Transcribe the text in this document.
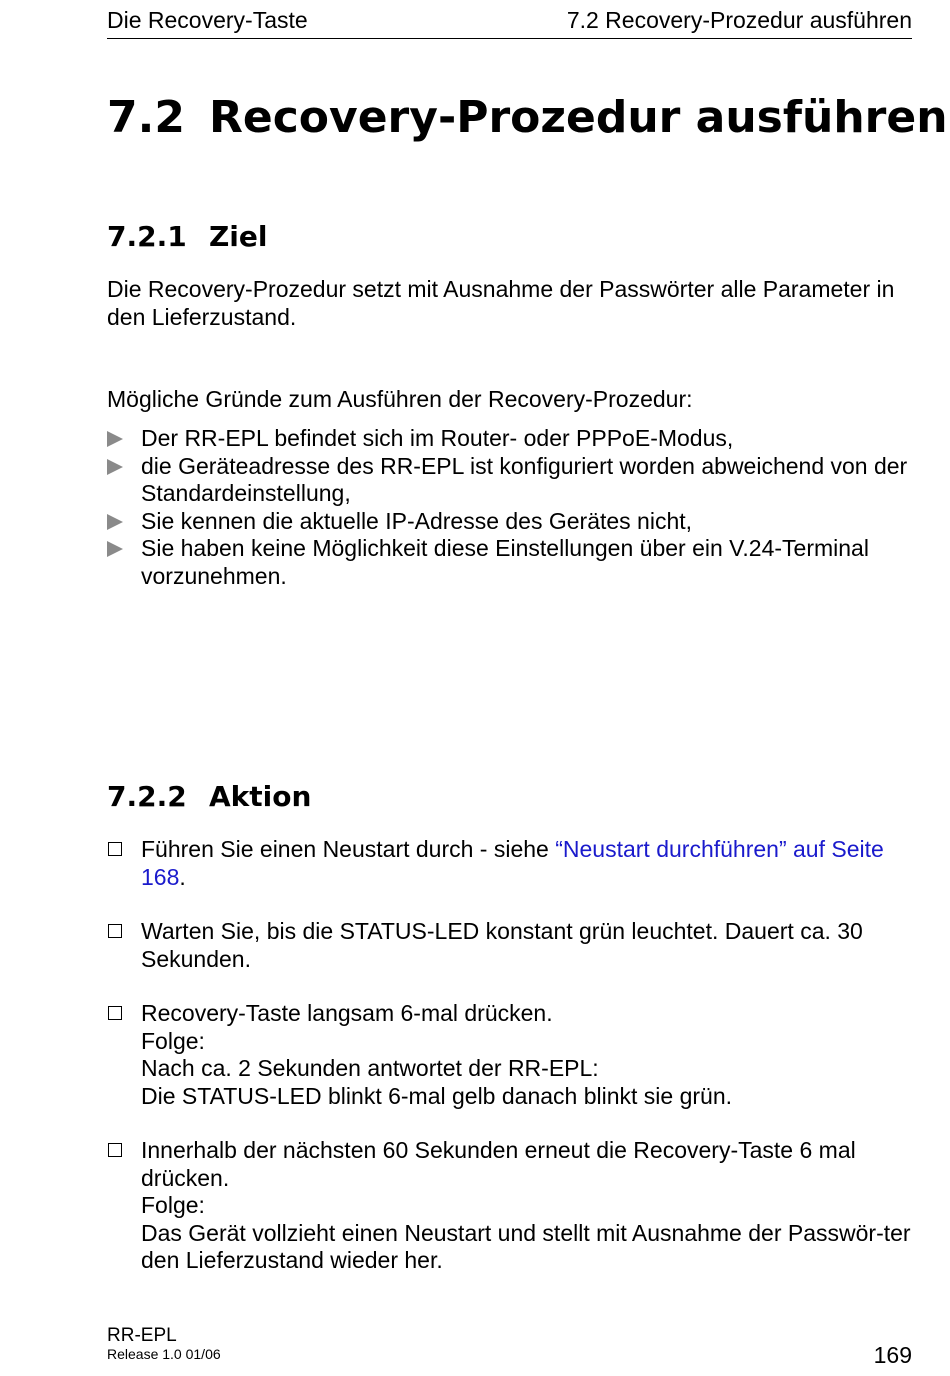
Die Recovery-Taste	7.2 Recovery-Prozedur ausführen
7.2 Recovery-Prozedur ausführen
7.2.1 Ziel
Die Recovery-Prozedur setzt mit Ausnahme der Passwörter alle Parameter in den Lieferzustand.
Mögliche Gründe zum Ausführen der Recovery-Prozedur:
Der RR-EPL befindet sich im Router- oder PPPoE-Modus,
die Geräteadresse des RR-EPL ist konfiguriert worden abweichend von der Standardeinstellung,
Sie kennen die aktuelle IP-Adresse des Gerätes nicht,
Sie haben keine Möglichkeit diese Einstellungen über ein V.24-Terminal vorzunehmen.
7.2.2 Aktion
Führen Sie einen Neustart durch - siehe “Neustart durchführen” auf Seite 168.
Warten Sie, bis die STATUS-LED konstant grün leuchtet. Dauert ca. 30 Sekunden.
Recovery-Taste langsam 6-mal drücken.
Folge:
Nach ca. 2 Sekunden antwortet der RR-EPL:
Die STATUS-LED blinkt 6-mal gelb danach blinkt sie grün.
Innerhalb der nächsten 60 Sekunden erneut die Recovery-Taste 6 mal drücken.
Folge:
Das Gerät vollzieht einen Neustart und stellt mit Ausnahme der Passwör-ter den Lieferzustand wieder her.
RR-EPL
Release 1.0 01/06	169
